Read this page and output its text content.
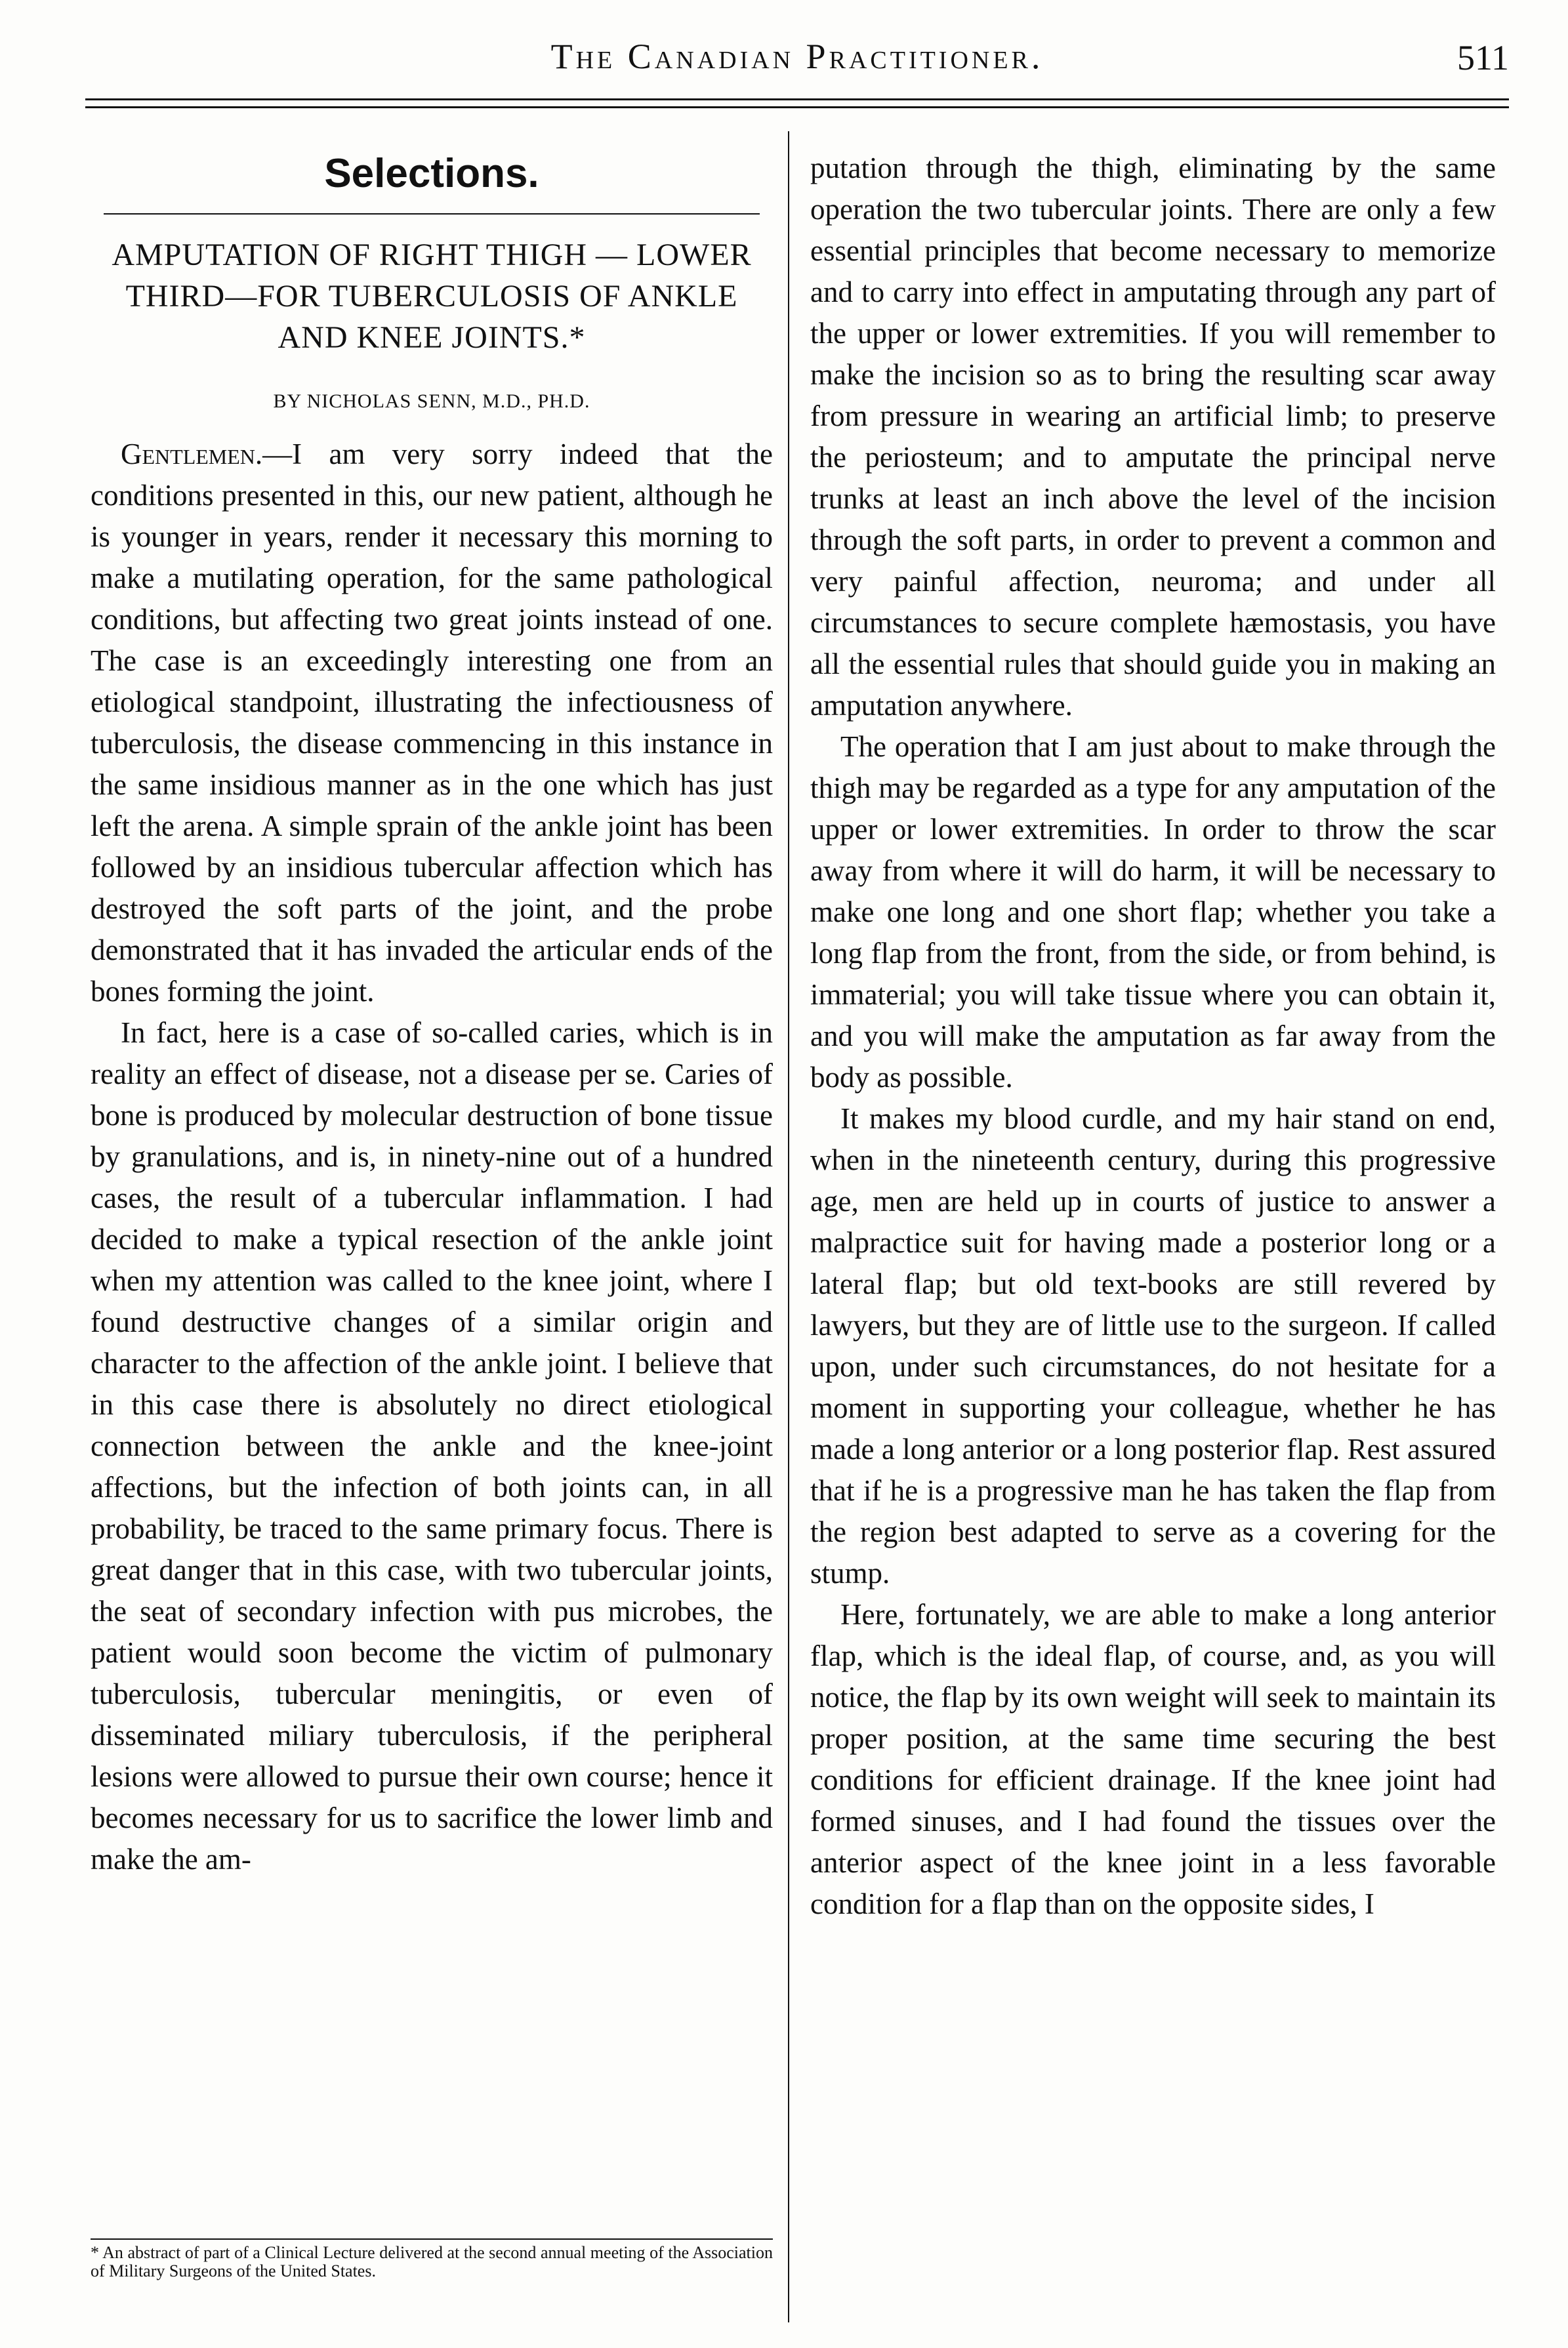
The Canadian Practitioner.	511
Selections.
AMPUTATION OF RIGHT THIGH — LOWER THIRD—FOR TUBERCULOSIS OF ANKLE AND KNEE JOINTS.*
BY NICHOLAS SENN, M.D., PH.D.

Gentlemen.—I am very sorry indeed that the conditions presented in this, our new patient, although he is younger in years, render it necessary this morning to make a mutilating operation, for the same pathological conditions, but affecting two great joints instead of one. The case is an exceedingly interesting one from an etiological standpoint, illustrating the infectiousness of tuberculosis, the disease commencing in this instance in the same insidious manner as in the one which has just left the arena. A simple sprain of the ankle joint has been followed by an insidious tubercular affection which has destroyed the soft parts of the joint, and the probe demonstrated that it has invaded the articular ends of the bones forming the joint.

In fact, here is a case of so-called caries, which is in reality an effect of disease, not a disease per se. Caries of bone is produced by molecular destruction of bone tissue by granulations, and is, in ninety-nine out of a hundred cases, the result of a tubercular inflammation. I had decided to make a typical resection of the ankle joint when my attention was called to the knee joint, where I found destructive changes of a similar origin and character to the affection of the ankle joint. I believe that in this case there is absolutely no direct etiological connection between the ankle and the knee-joint affections, but the infection of both joints can, in all probability, be traced to the same primary focus. There is great danger that in this case, with two tubercular joints, the seat of secondary infection with pus microbes, the patient would soon become the victim of pulmonary tuberculosis, tubercular meningitis, or even of disseminated miliary tuberculosis, if the peripheral lesions were allowed to pursue their own course; hence it becomes necessary for us to sacrifice the lower limb and make the am-

putation through the thigh, eliminating by the same operation the two tubercular joints. There are only a few essential principles that become necessary to memorize and to carry into effect in amputating through any part of the upper or lower extremities. If you will remember to make the incision so as to bring the resulting scar away from pressure in wearing an artificial limb; to preserve the periosteum; and to amputate the principal nerve trunks at least an inch above the level of the incision through the soft parts, in order to prevent a common and very painful affection, neuroma; and under all circumstances to secure complete hæmostasis, you have all the essential rules that should guide you in making an amputation anywhere.

The operation that I am just about to make through the thigh may be regarded as a type for any amputation of the upper or lower extremities. In order to throw the scar away from where it will do harm, it will be necessary to make one long and one short flap; whether you take a long flap from the front, from the side, or from behind, is immaterial; you will take tissue where you can obtain it, and you will make the amputation as far away from the body as possible.

It makes my blood curdle, and my hair stand on end, when in the nineteenth century, during this progressive age, men are held up in courts of justice to answer a malpractice suit for having made a posterior long or a lateral flap; but old text-books are still revered by lawyers, but they are of little use to the surgeon. If called upon, under such circumstances, do not hesitate for a moment in supporting your colleague, whether he has made a long anterior or a long posterior flap. Rest assured that if he is a progressive man he has taken the flap from the region best adapted to serve as a covering for the stump.

Here, fortunately, we are able to make a long anterior flap, which is the ideal flap, of course, and, as you will notice, the flap by its own weight will seek to maintain its proper position, at the same time securing the best conditions for efficient drainage. If the knee joint had formed sinuses, and I had found the tissues over the anterior aspect of the knee joint in a less favorable condition for a flap than on the opposite sides, I

* An abstract of part of a Clinical Lecture delivered at the second annual meeting of the Association of Military Surgeons of the United States.
